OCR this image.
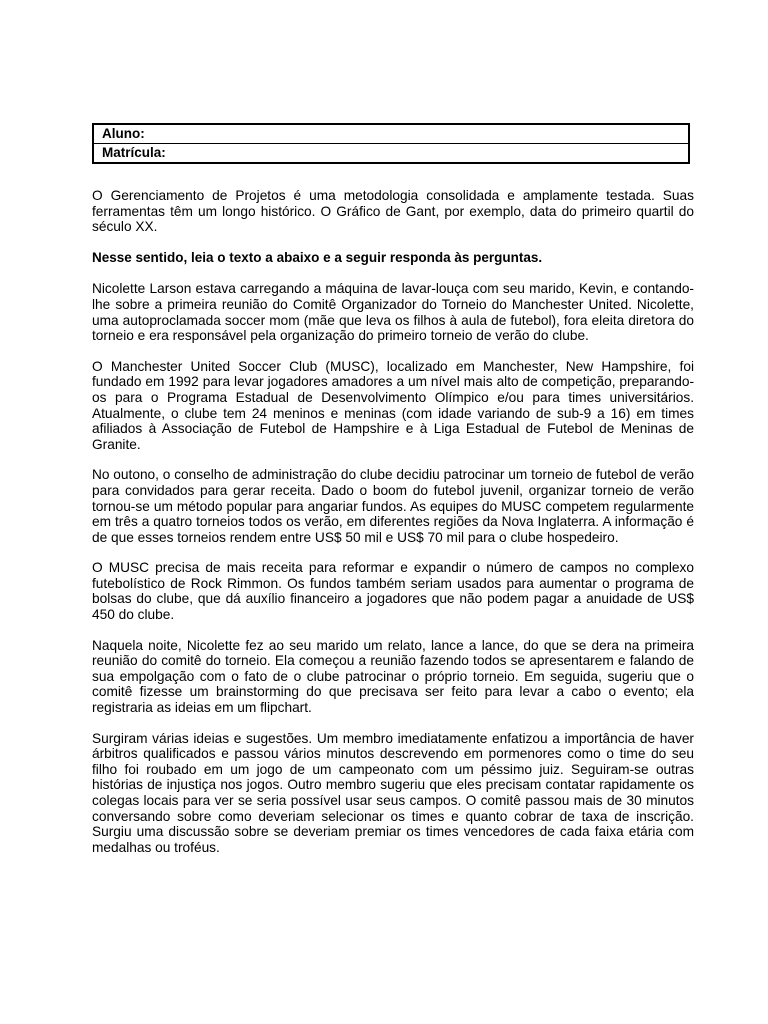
Aluno:
Matrícula:

O Gerenciamento de Projetos é uma metodologia consolidada e amplamente testada. Suas ferramentas têm um longo histórico. O Gráfico de Gant, por exemplo, data do primeiro quartil do século XX.

Nesse sentido, leia o texto a abaixo e a seguir responda às perguntas.

Nicolette Larson estava carregando a máquina de lavar-louça com seu marido, Kevin, e contando-lhe sobre a primeira reunião do Comitê Organizador do Torneio do Manchester United. Nicolette, uma autoproclamada soccer mom (mãe que leva os filhos à aula de futebol), fora eleita diretora do torneio e era responsável pela organização do primeiro torneio de verão do clube.

O Manchester United Soccer Club (MUSC), localizado em Manchester, New Hampshire, foi fundado em 1992 para levar jogadores amadores a um nível mais alto de competição, preparando-os para o Programa Estadual de Desenvolvimento Olímpico e/ou para times universitários. Atualmente, o clube tem 24 meninos e meninas (com idade variando de sub-9 a 16) em times afiliados à Associação de Futebol de Hampshire e à Liga Estadual de Futebol de Meninas de Granite.

No outono, o conselho de administração do clube decidiu patrocinar um torneio de futebol de verão para convidados para gerar receita. Dado o boom do futebol juvenil, organizar torneio de verão tornou-se um método popular para angariar fundos. As equipes do MUSC competem regularmente em três a quatro torneios todos os verão, em diferentes regiões da Nova Inglaterra. A informação é de que esses torneios rendem entre US$ 50 mil e US$ 70 mil para o clube hospedeiro.

O MUSC precisa de mais receita para reformar e expandir o número de campos no complexo
futebolístico de Rock Rimmon. Os fundos também seriam usados para aumentar o programa de bolsas do clube, que dá auxílio financeiro a jogadores que não podem pagar a anuidade de US$ 450 do clube.

Naquela noite, Nicolette fez ao seu marido um relato, lance a lance, do que se dera na primeira reunião do comitê do torneio. Ela começou a reunião fazendo todos se apresentarem e falando de sua empolgação com o fato de o clube patrocinar o próprio torneio. Em seguida, sugeriu que o comitê fizesse um brainstorming do que precisava ser feito para levar a cabo o evento; ela registraria as ideias em um flipchart.

Surgiram várias ideias e sugestões. Um membro imediatamente enfatizou a importância de haver árbitros qualificados e passou vários minutos descrevendo em pormenores como o time do seu filho foi roubado em um jogo de um campeonato com um péssimo juiz. Seguiram-se outras histórias de injustiça nos jogos. Outro membro sugeriu que eles precisam contatar rapidamente os colegas locais para ver se seria possível usar seus campos. O comitê passou mais de 30 minutos conversando sobre como deveriam selecionar os times e quanto cobrar de taxa de inscrição. Surgiu uma discussão sobre se deveriam premiar os times vencedores de cada faixa etária com medalhas ou troféus.
